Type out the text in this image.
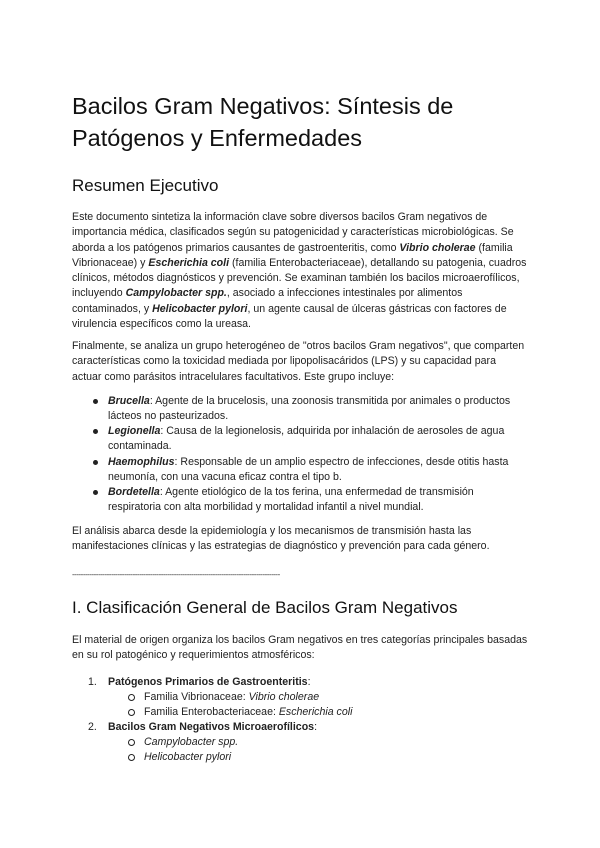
Bacilos Gram Negativos: Síntesis de Patógenos y Enfermedades
Resumen Ejecutivo

Este documento sintetiza la información clave sobre diversos bacilos Gram negativos de importancia médica, clasificados según su patogenicidad y características microbiológicas. Se aborda a los patógenos primarios causantes de gastroenteritis, como Vibrio cholerae (familia Vibrionaceae) y Escherichia coli (familia Enterobacteriaceae), detallando su patogenia, cuadros clínicos, métodos diagnósticos y prevención. Se examinan también los bacilos microaerofílicos, incluyendo Campylobacter spp., asociado a infecciones intestinales por alimentos contaminados, y Helicobacter pylori, un agente causal de úlceras gástricas con factores de virulencia específicos como la ureasa.

Finalmente, se analiza un grupo heterogéneo de "otros bacilos Gram negativos", que comparten características como la toxicidad mediada por lipopolisacáridos (LPS) y su capacidad para actuar como parásitos intracelulares facultativos. Este grupo incluye:

Brucella: Agente de la brucelosis, una zoonosis transmitida por animales o productos lácteos no pasteurizados.
Legionella: Causa de la legionelosis, adquirida por inhalación de aerosoles de agua contaminada.
Haemophilus: Responsable de un amplio espectro de infecciones, desde otitis hasta neumonía, con una vacuna eficaz contra el tipo b.
Bordetella: Agente etiológico de la tos ferina, una enfermedad de transmisión respiratoria con alta morbilidad y mortalidad infantil a nivel mundial.

El análisis abarca desde la epidemiología y los mecanismos de transmisión hasta las manifestaciones clínicas y las estrategias de diagnóstico y prevención para cada género.

------------------------------------------------------------------------------------------------
I. Clasificación General de Bacilos Gram Negativos

El material de origen organiza los bacilos Gram negativos en tres categorías principales basadas en su rol patogénico y requerimientos atmosféricos:

1. Patógenos Primarios de Gastroenteritis:
Familia Vibrionaceae: Vibrio cholerae
Familia Enterobacteriaceae: Escherichia coli
2. Bacilos Gram Negativos Microaerofílicos:
Campylobacter spp.
Helicobacter pylori
